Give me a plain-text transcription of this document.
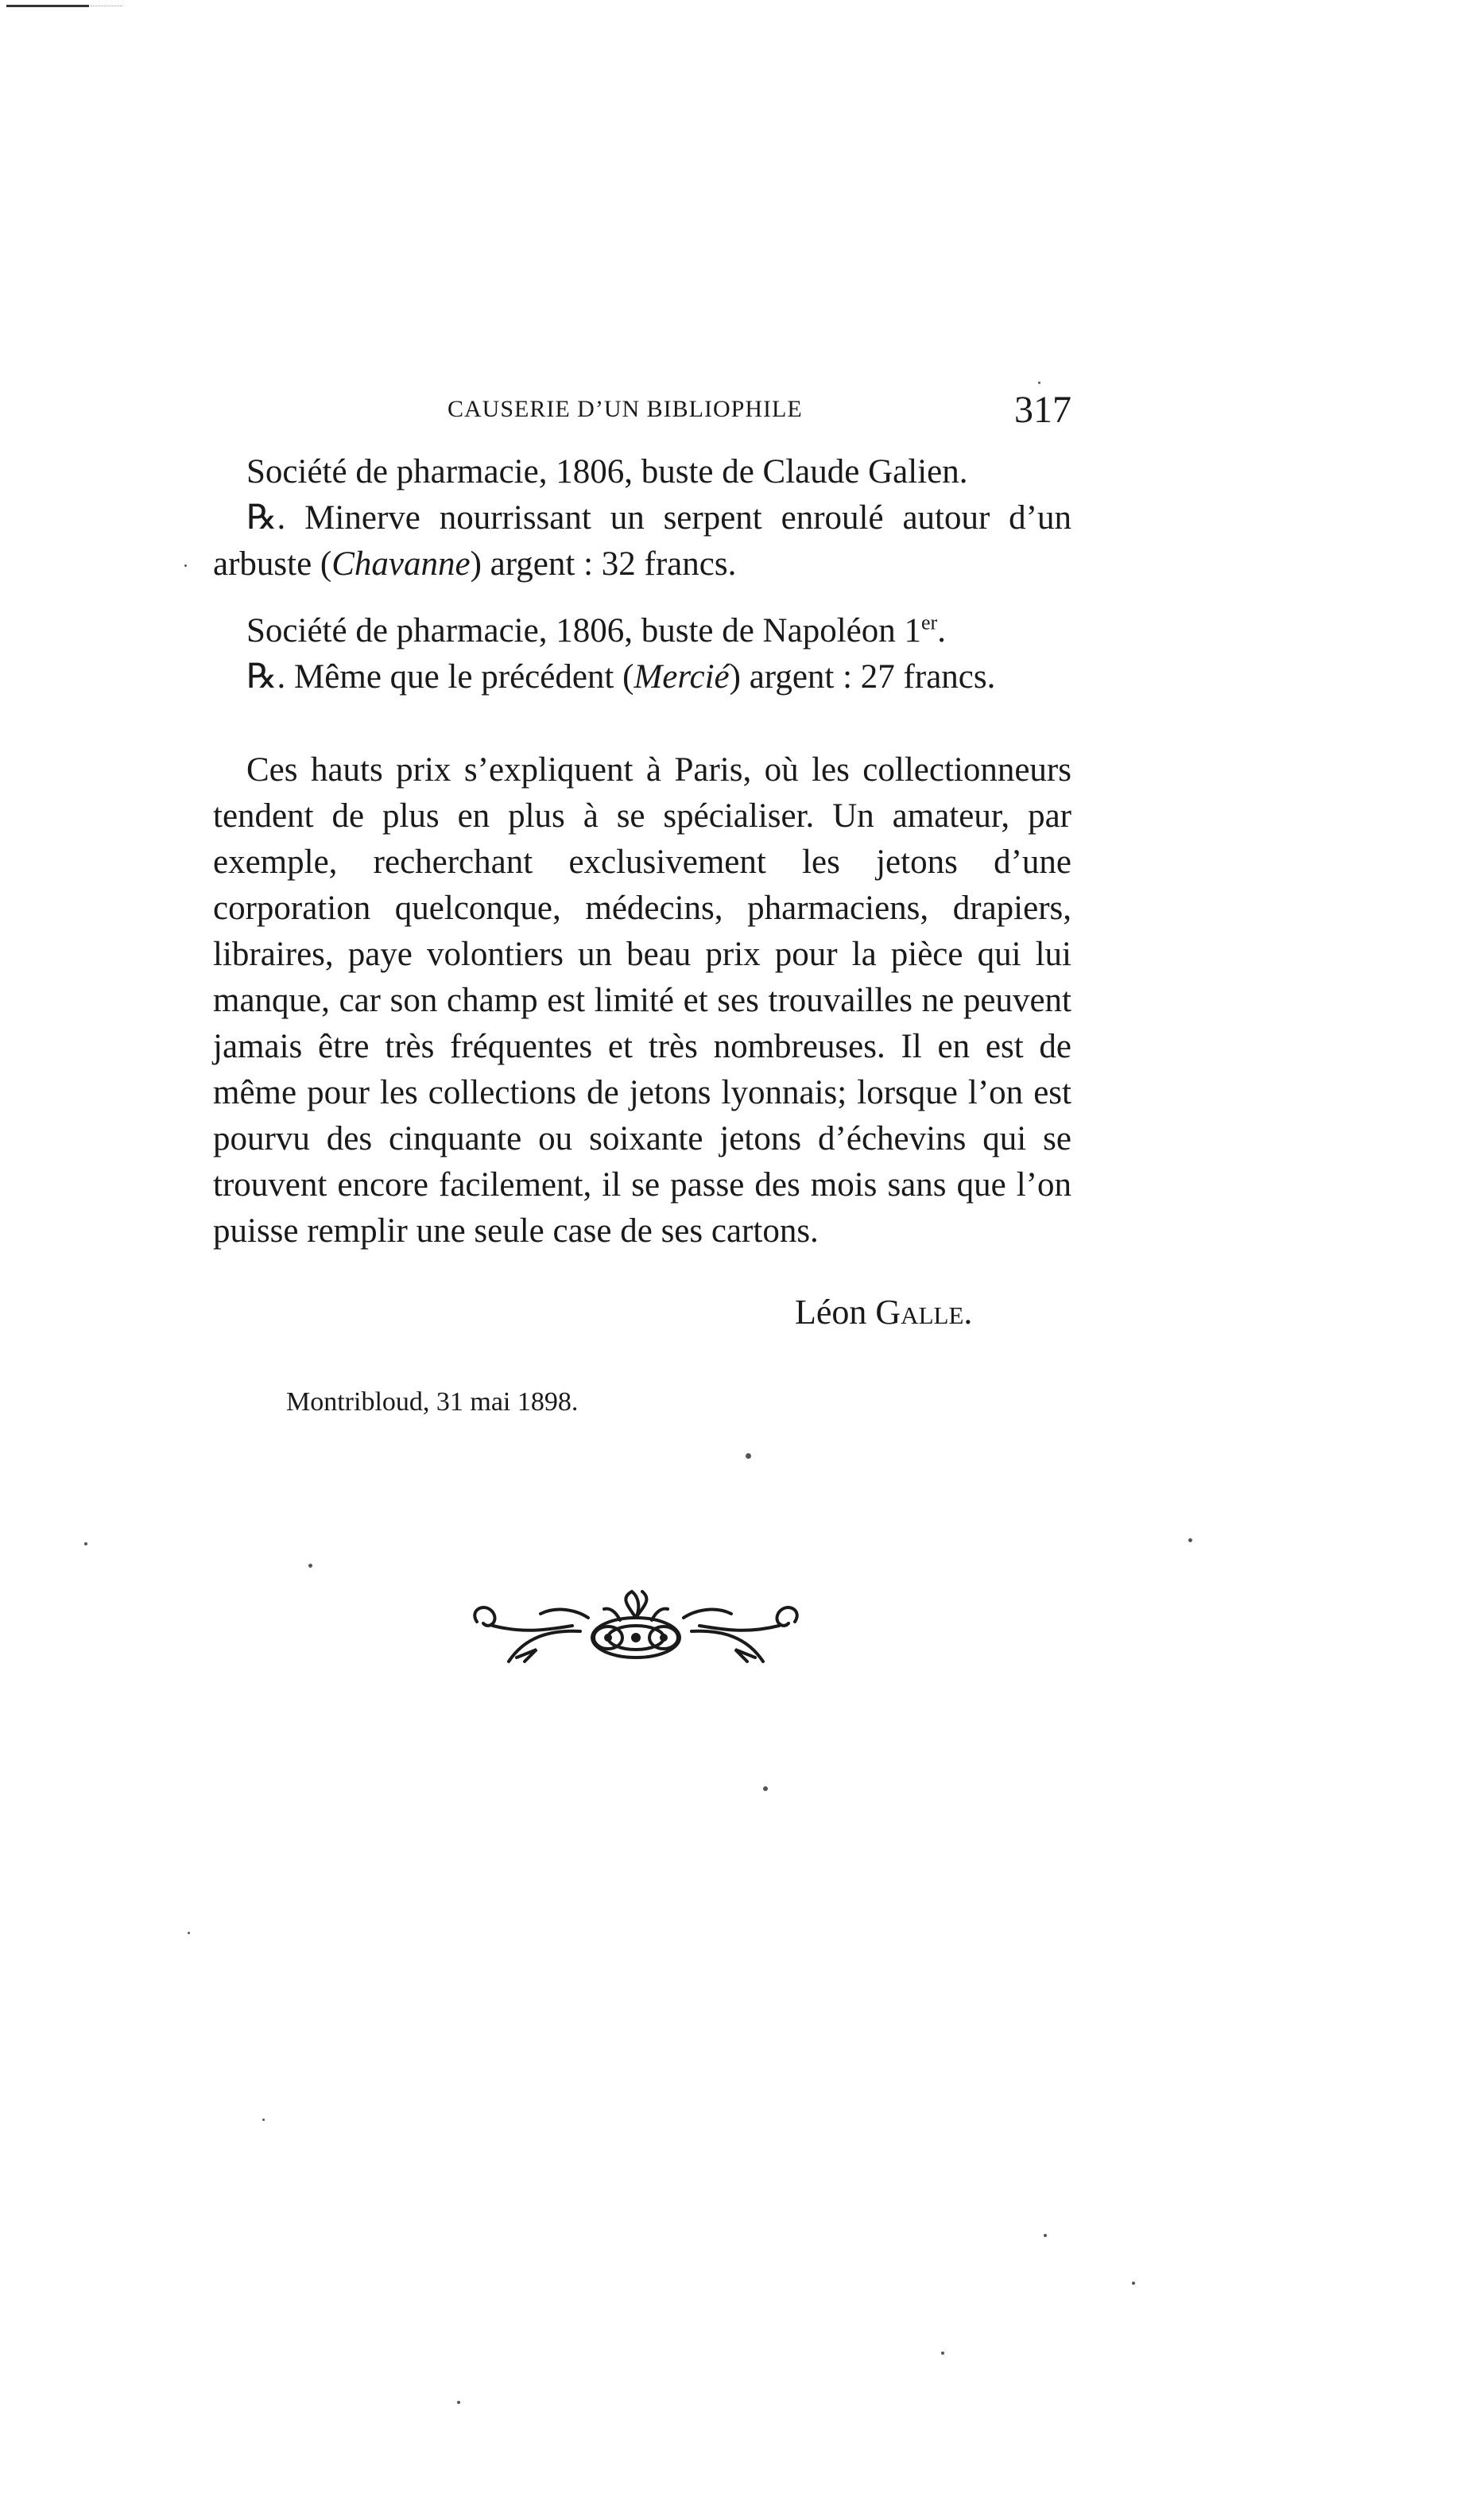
CAUSERIE D’UN BIBLIOPHILE	317

Société de pharmacie, 1806, buste de Claude Galien.

℞. Minerve nourrissant un serpent enroulé autour d’un arbuste (Chavanne) argent : 32 francs.

Société de pharmacie, 1806, buste de Napoléon 1er.

℞. Même que le précédent (Mercié) argent : 27 francs.

Ces hauts prix s’expliquent à Paris, où les collectionneurs tendent de plus en plus à se spécialiser. Un amateur, par exemple, recherchant exclusivement les jetons d’une corporation quelconque, médecins, pharmaciens, drapiers, libraires, paye volontiers un beau prix pour la pièce qui lui manque, car son champ est limité et ses trouvailles ne peuvent jamais être très fréquentes et très nombreuses. Il en est de même pour les collections de jetons lyonnais; lorsque l’on est pourvu des cinquante ou soixante jetons d’échevins qui se trouvent encore facilement, il se passe des mois sans que l’on puisse remplir une seule case de ses cartons.

Léon Galle.
Montribloud, 31 mai 1898.
